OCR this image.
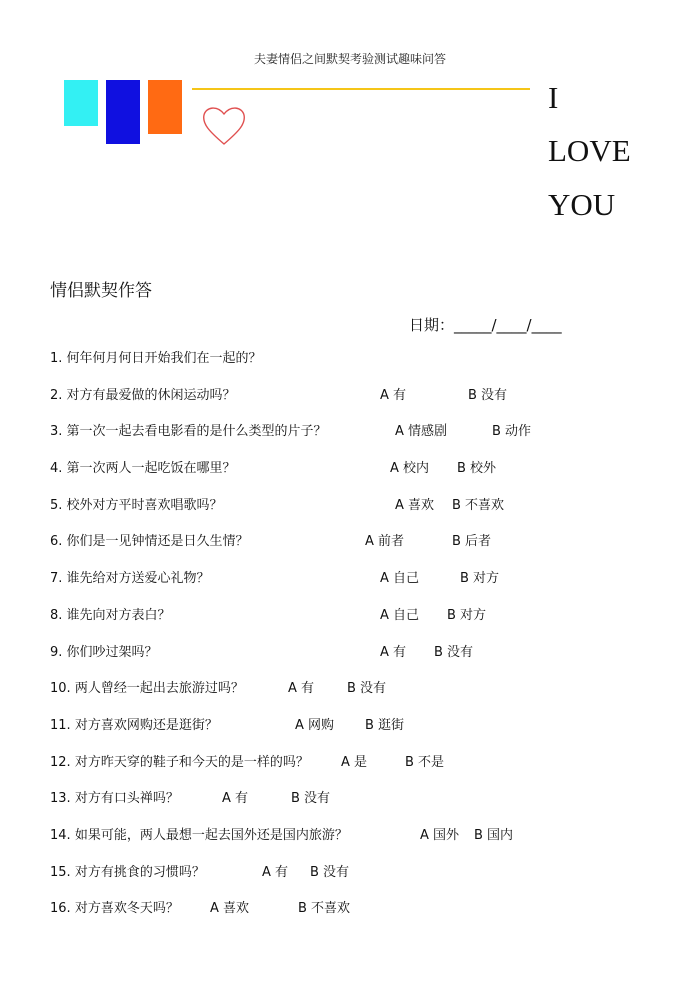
夫妻情侣之间默契考验测试趣味问答
I
LOVE
YOU
情侣默契作答
日期：_____/____/____
1. 何年何月何日开始我们在一起的？
2. 对方有最爱做的休闲运动吗？	A 有	B 没有
3. 第一次一起去看电影看的是什么类型的片子？	A 情感剧	B 动作
4. 第一次两人一起吃饭在哪里？	A 校内 B 校外
5. 校外对方平时喜欢唱歌吗？	A 喜欢 B 不喜欢
6. 你们是一见钟情还是日久生情？	A 前者	B 后者
7. 谁先给对方送爱心礼物？	A 自己	B 对方
8. 谁先向对方表白？	A 自己 B 对方
9. 你们吵过架吗？	A 有 B 没有
10. 两人曾经一起出去旅游过吗？	A 有	B 没有
11. 对方喜欢网购还是逛街？	A 网购 B 逛街
12. 对方昨天穿的鞋子和今天的是一样的吗？ A 是	B 不是
13. 对方有口头禅吗？	A 有	B 没有
14. 如果可能，两人最想一起去国外还是国内旅游？	A 国外 B 国内
15. 对方有挑食的习惯吗？	A 有 B 没有
16. 对方喜欢冬天吗？ A 喜欢	B 不喜欢
